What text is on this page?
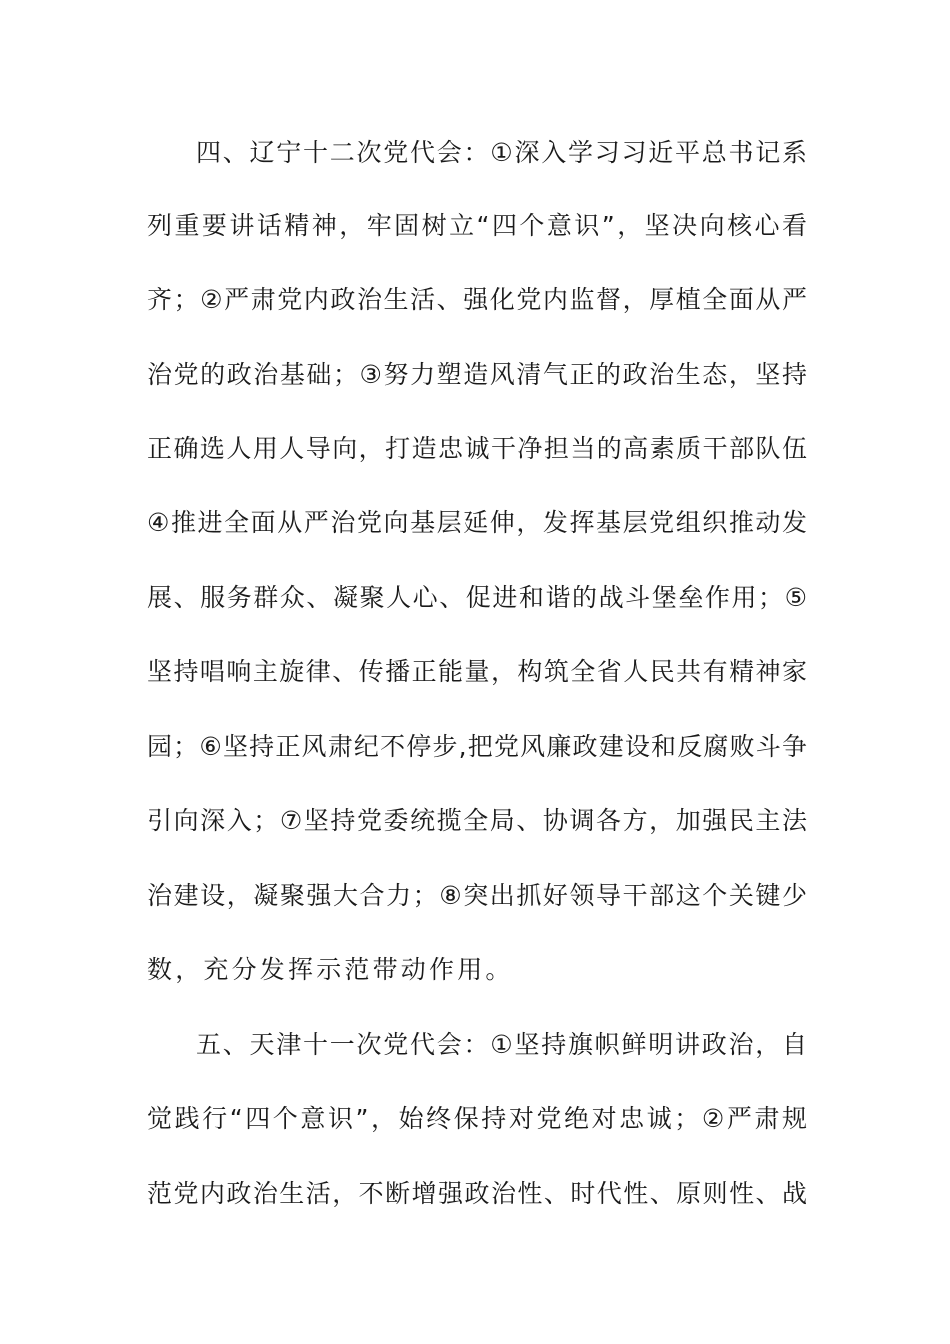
四、辽宁十二次党代会：①深入学习习近平总书记系
列重要讲话精神，牢固树立“四个意识”，坚决向核心看
齐；②严肃党内政治生活、强化党内监督，厚植全面从严
治党的政治基础；③努力塑造风清气正的政治生态，坚持
正确选人用人导向，打造忠诚干净担当的高素质干部队伍
④推进全面从严治党向基层延伸，发挥基层党组织推动发
展、服务群众、凝聚人心、促进和谐的战斗堡垒作用；⑤
坚持唱响主旋律、传播正能量，构筑全省人民共有精神家
园；⑥坚持正风肃纪不停步,把党风廉政建设和反腐败斗争
引向深入；⑦坚持党委统揽全局、协调各方，加强民主法
治建设，凝聚强大合力；⑧突出抓好领导干部这个关键少
数，充分发挥示范带动作用。
五、天津十一次党代会：①坚持旗帜鲜明讲政治，自
觉践行“四个意识”，始终保持对党绝对忠诚；②严肃规
范党内政治生活，不断增强政治性、时代性、原则性、战
